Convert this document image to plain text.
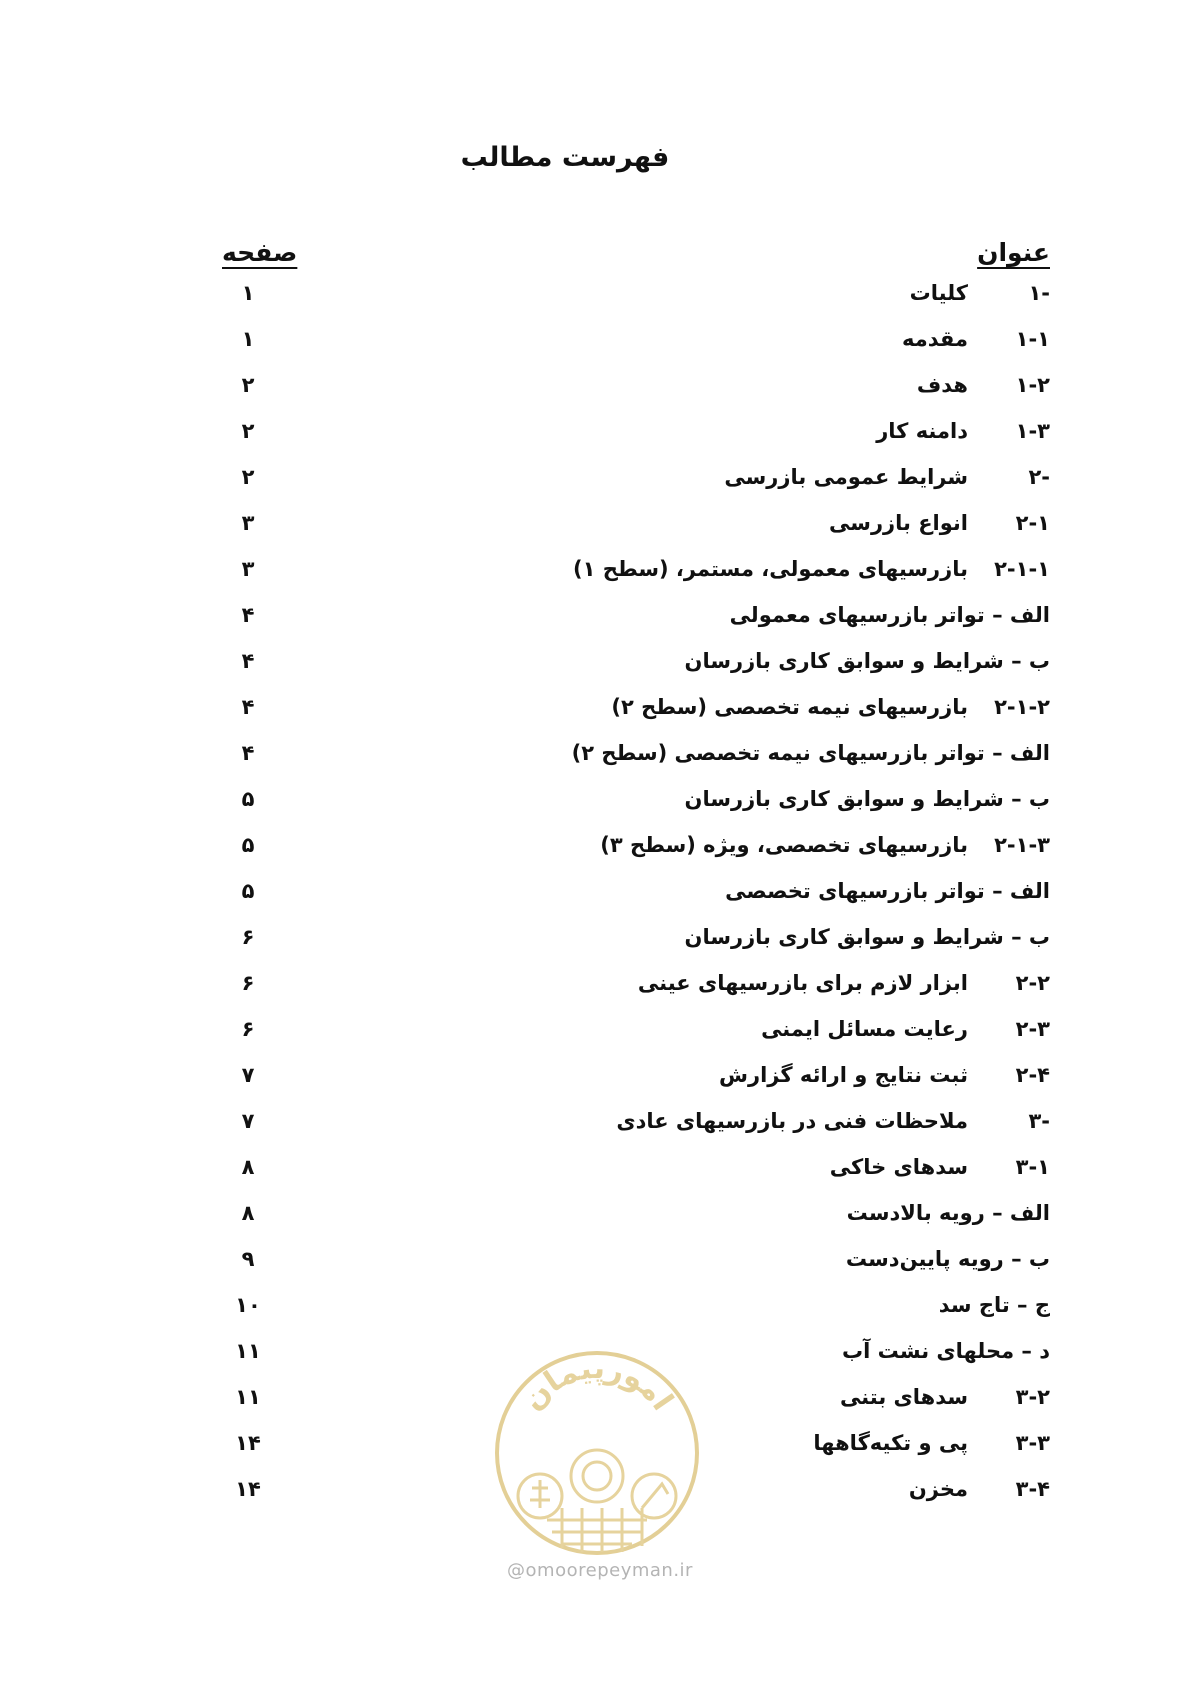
فهرست مطالب
عنوان
صفحه
۱-
کلیات
۱
۱-۱
مقدمه
۱
۱-۲
هدف
۲
۱-۳
دامنه کار
۲
۲-
شرایط عمومی بازرسی
۲
۲-۱
انواع بازرسی
۳
۲-۱-۱
بازرسیهای معمولی، مستمر، (سطح ۱)
۳
الف – تواتر بازرسیهای معمولی
۴
ب – شرایط و سوابق کاری بازرسان
۴
۲-۱-۲
بازرسیهای نیمه تخصصی (سطح ۲)
۴
الف – تواتر بازرسیهای نیمه تخصصی (سطح ۲)
۴
ب – شرایط و سوابق کاری بازرسان
۵
۲-۱-۳
بازرسیهای تخصصی، ویژه (سطح ۳)
۵
الف – تواتر بازرسیهای تخصصی
۵
ب – شرایط و سوابق کاری بازرسان
۶
۲-۲
ابزار لازم برای بازرسیهای عینی
۶
۲-۳
رعایت مسائل ایمنی
۶
۲-۴
ثبت نتایج و ارائه گزارش
۷
۳-
ملاحظات فنی در بازرسیهای عادی
۷
۳-۱
سدهای خاکی
۸
الف – رویه بالادست
۸
ب – رویه پایین‌دست
۹
ج – تاج سد
۱۰
د – محلهای نشت آب
۱۱
۳-۲
سدهای بتنی
۱۱
۳-۳
پی و تکیه‌گاهها
۱۴
۳-۴
مخزن
۱۴
امورپیمان
@omoorepeyman.ir
